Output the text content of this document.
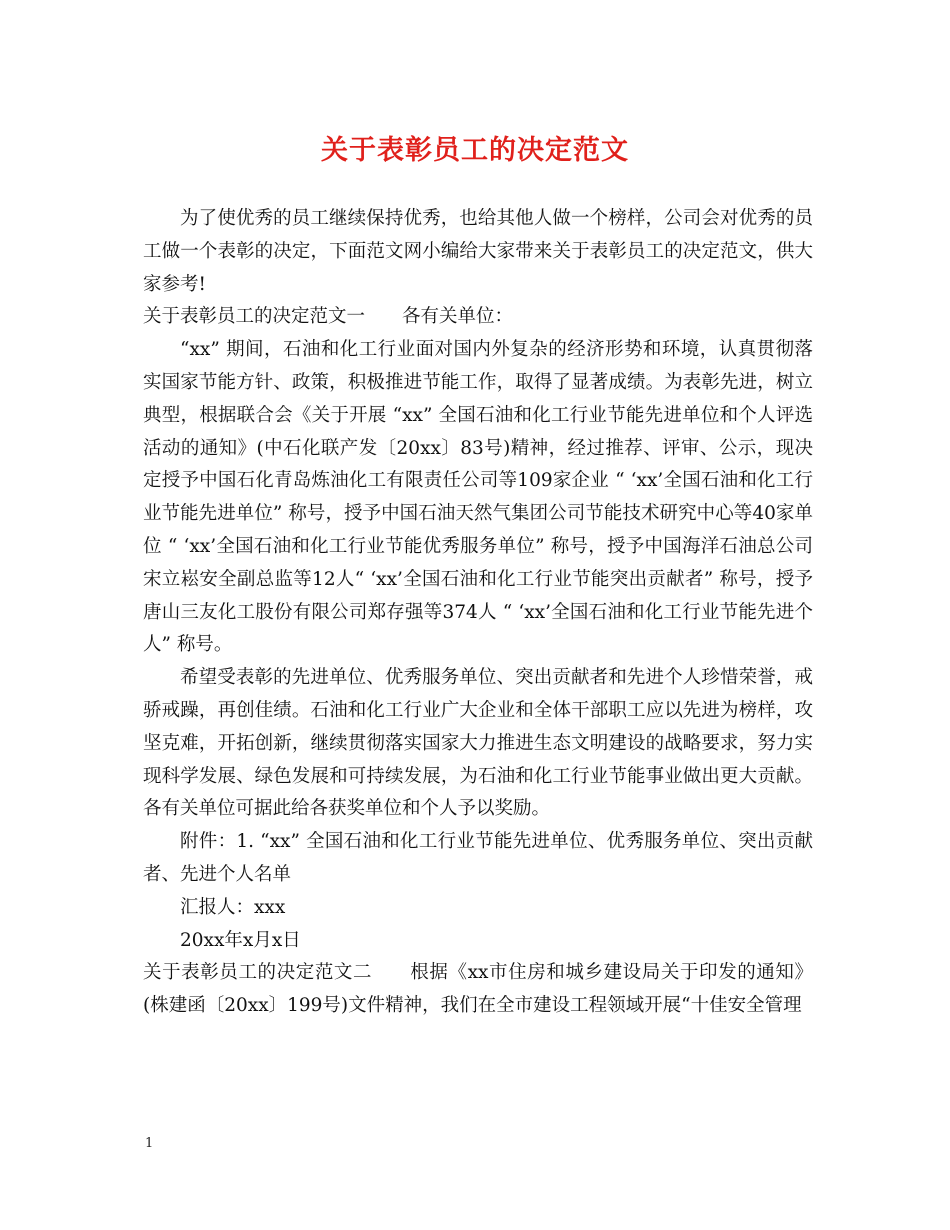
关于表彰员工的决定范文

为了使优秀的员工继续保持优秀，也给其他人做一个榜样，公司会对优秀的员工做一个表彰的决定，下面范文网小编给大家带来关于表彰员工的决定范文，供大家参考!

关于表彰员工的决定范文一　　各有关单位：

“xx” 期间，石油和化工行业面对国内外复杂的经济形势和环境，认真贯彻落实国家节能方针、政策，积极推进节能工作，取得了显著成绩。为表彰先进，树立典型，根据联合会《关于开展 “xx” 全国石油和化工行业节能先进单位和个人评选活动的通知》(中石化联产发〔20xx〕83号)精神，经过推荐、评审、公示，现决定授予中国石化青岛炼油化工有限责任公司等109家企业 “ ‘xx’全国石油和化工行业节能先进单位” 称号，授予中国石油天然气集团公司节能技术研究中心等40家单位 “ ‘xx’全国石油和化工行业节能优秀服务单位” 称号，授予中国海洋石油总公司宋立崧安全副总监等12人“ ‘xx’全国石油和化工行业节能突出贡献者” 称号，授予唐山三友化工股份有限公司郑存强等374人 “ ‘xx’全国石油和化工行业节能先进个人” 称号。

希望受表彰的先进单位、优秀服务单位、突出贡献者和先进个人珍惜荣誉，戒骄戒躁，再创佳绩。石油和化工行业广大企业和全体干部职工应以先进为榜样，攻坚克难，开拓创新，继续贯彻落实国家大力推进生态文明建设的战略要求，努力实现科学发展、绿色发展和可持续发展，为石油和化工行业节能事业做出更大贡献。各有关单位可据此给各获奖单位和个人予以奖励。

附件：1. “xx” 全国石油和化工行业节能先进单位、优秀服务单位、突出贡献者、先进个人名单

汇报人：xxx

20xx年x月x日

关于表彰员工的决定范文二　　根据《xx市住房和城乡建设局关于印发的通知》(株建函〔20xx〕199号)文件精神，我们在全市建设工程领域开展“十佳安全管理

1
